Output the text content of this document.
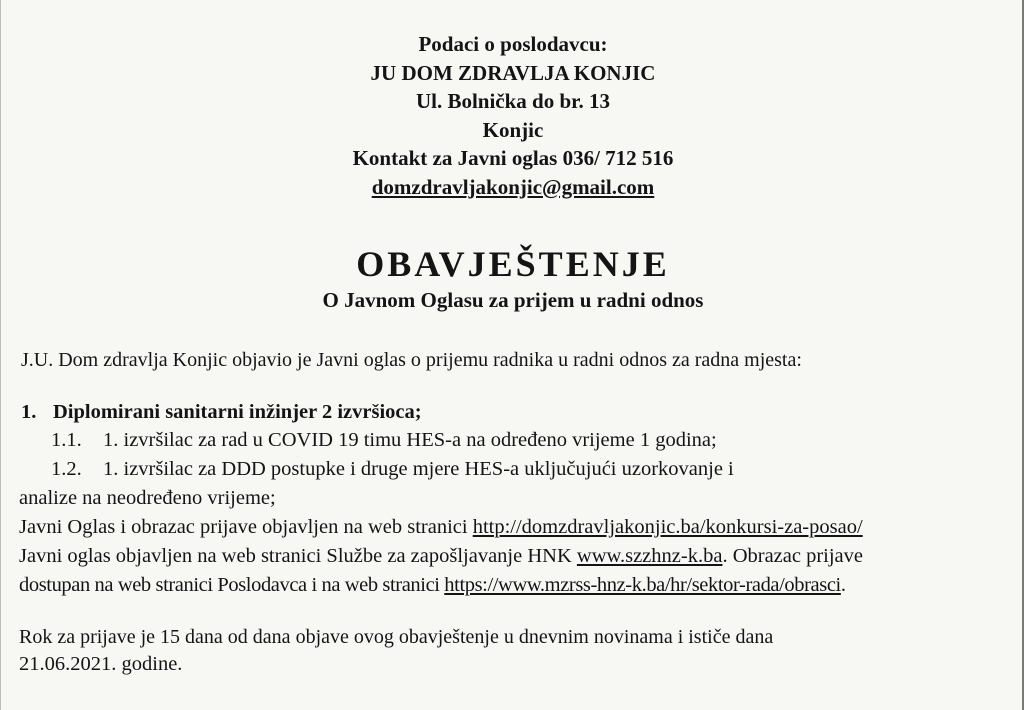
Podaci o poslodavcu:
JU DOM ZDRAVLJA KONJIC
Ul. Bolnička do br. 13
Konjic
Kontakt za Javni oglas 036/ 712 516
domzdravljakonjic@gmail.com
OBAVJEŠTENJE
O Javnom Oglasu za prijem u radni odnos
J.U. Dom zdravlja Konjic objavio je Javni oglas o prijemu radnika u radni odnos za radna mjesta:
1. Diplomirani sanitarni inžinjer 2 izvršioca;
1.1. 1. izvršilac za rad u COVID 19 timu HES-a na određeno vrijeme 1 godina;
1.2. 1. izvršilac za DDD postupke i druge mjere HES-a uključujući uzorkovanje i
analize na neodređeno vrijeme;
Javni Oglas i obrazac prijave objavljen na web stranici http://domzdravljakonjic.ba/konkursi-za-posao/
Javni oglas objavljen na web stranici Službe za zapošljavanje HNK www.szzhnz-k.ba. Obrazac prijave
dostupan na web stranici Poslodavca i na web stranici https://www.mzrss-hnz-k.ba/hr/sektor-rada/obrasci.
Rok za prijave je 15 dana od dana objave ovog obavještenje u dnevnim novinama i ističe dana
21.06.2021. godine.
